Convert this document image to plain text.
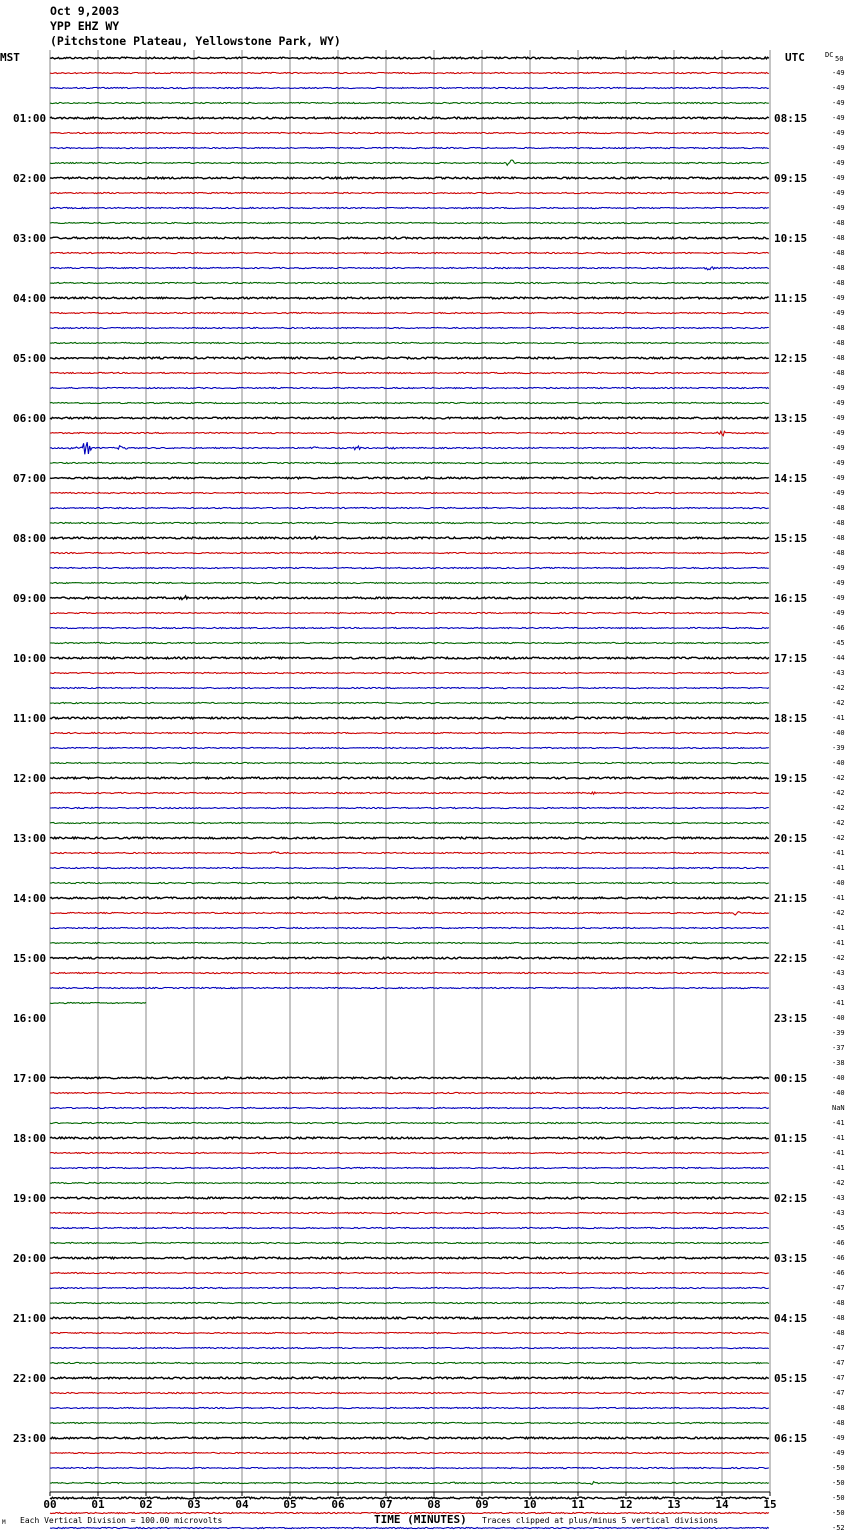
Oct 9,2003
YPP EHZ WY
(Pitchstone Plateau, Yellowstone Park, WY)
00	01	02	03	04	05	06	07	08	09	10	11	12	13	14	15
MST	UTC	DC 50
01:00
02:00
03:00
04:00
05:00
06:00
07:00
08:00
09:00
10:00
11:00
12:00
13:00
14:00
15:00
16:00
17:00
18:00
19:00
20:00
21:00
22:00
23:00
08:15
09:15
10:15
11:15
12:15
13:15
14:15
15:15
16:15
17:15
18:15
19:15
20:15
21:15
22:15
23:15
00:15
01:15
02:15
03:15
04:15
05:15
06:15
-49
-49
-49
-49
-49
-49
-49
-49
-49
-49
-48
-48
-48
-48
-48
-49
-49
-48
-48
-48
-48
-49
-49
-49
-49
-49
-49
-49
-49
-48
-48
-48
-48
-49
-49
-49
-49
-46
-45
-44
-43
-42
-42
-41
-40
-39
-40
-42
-42
-42
-42
-42
-41
-41
-40
-41
-42
-41
-41
-42
-43
-43
-41
-40
-39
-37
-38
-40
-40
NaN
-41
-41
-41
-41
-42
-43
-43
-45
-46
-46
-46
-47
-48
-48
-48
-47
-47
-47
-47
-48
-48
-49
-49
-50
-50
-50
-50
-52
M Each Vertical Division = 100.00 microvolts	TIME (MINUTES) Traces clipped at plus/minus 5 vertical divisions
